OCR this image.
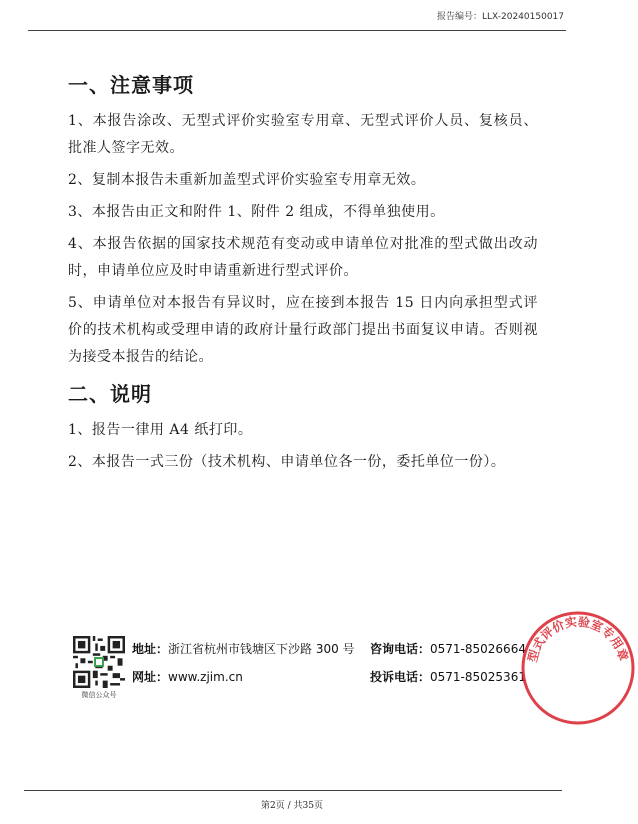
报告编号：LLX-20240150017
一、注意事项

1、本报告涂改、无型式评价实验室专用章、无型式评价人员、复核员、批准人签字无效。

2、复制本报告未重新加盖型式评价实验室专用章无效。

3、本报告由正文和附件 1、附件 2 组成，不得单独使用。

4、本报告依据的国家技术规范有变动或申请单位对批准的型式做出改动时，申请单位应及时申请重新进行型式评价。

5、申请单位对本报告有异议时，应在接到本报告 15 日内向承担型式评价的技术机构或受理申请的政府计量行政部门提出书面复议申请。否则视为接受本报告的结论。

二、说明

1、报告一律用 A4 纸打印。

2、本报告一式三份（技术机构、申请单位各一份，委托单位一份）。

微信公众号
地址：浙江省杭州市钱塘区下沙路 300 号 咨询电话：0571-85026664
网址：www.zjim.cn	投诉电话：0571-85025361
型式评价实验室专用章
第2页 / 共35页
